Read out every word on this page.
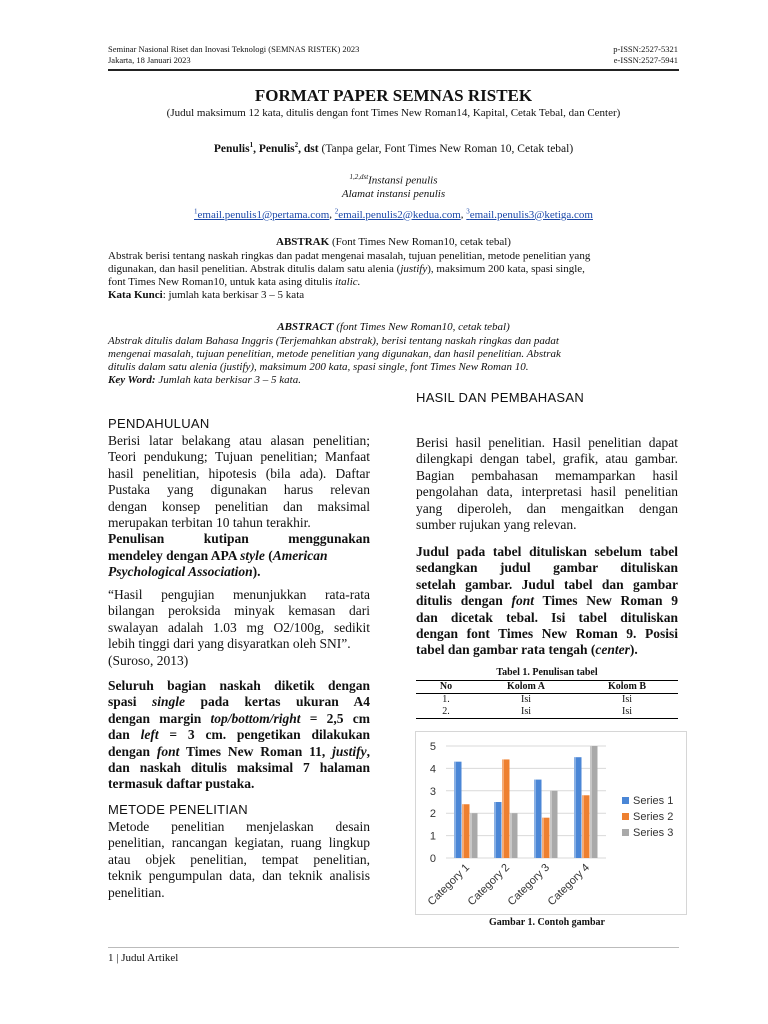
Seminar Nasional Riset dan Inovasi Teknologi (SEMNAS RISTEK) 2023
Jakarta, 18 Januari 2023
p-ISSN:2527-5321
e-ISSN:2527-5941
FORMAT PAPER SEMNAS RISTEK
(Judul maksimum 12 kata, ditulis dengan font Times New Roman14, Kapital, Cetak Tebal, dan Center)
Penulis$^1$, Penulis$^2$, dst (Tanpa gelar, Font Times New Roman 10, Cetak tebal)
$^{1,2,dst}$Instansi penulis
Alamat instansi penulis
$^1$email.penulis1@pertama.com, $^2$email.penulis2@kedua.com, $^3$email.penulis3@ketiga.com
ABSTRAK (Font Times New Roman10, cetak tebal)
Abstrak berisi tentang naskah ringkas dan padat mengenai masalah, tujuan penelitian, metode penelitian yang
digunakan, dan hasil penelitian. Abstrak ditulis dalam satu alenia (justify), maksimum 200 kata, spasi single,
font Times New Roman10, untuk kata asing ditulis italic.
Kata Kunci: jumlah kata berkisar 3 – 5 kata
ABSTRACT (font Times New Roman10, cetak tebal)
Abstrak ditulis dalam Bahasa Inggris (Terjemahkan abstrak), berisi tentang naskah ringkas dan padat
mengenai masalah, tujuan penelitian, metode penelitian yang digunakan, dan hasil penelitian. Abstrak
ditulis dalam satu alenia (justify), maksimum 200 kata, spasi single, font Times New Roman 10.
Key Word: Jumlah kata berkisar 3 – 5 kata.
PENDAHULUAN
Berisi latar belakang atau alasan penelitian;
Teori pendukung; Tujuan penelitian; Manfaat
hasil penelitian, hipotesis (bila ada). Daftar
Pustaka yang digunakan harus relevan
dengan konsep penelitian dan maksimal
merupakan terbitan 10 tahun terakhir.
Penulisan kutipan menggunakan
mendeley dengan APA style (American
Psychological Association).
“Hasil pengujian menunjukkan rata-rata
bilangan peroksida minyak kemasan dari
swalayan adalah 1.03 mg O2/100g, sedikit
lebih tinggi dari yang disyaratkan oleh SNI”.
(Suroso, 2013)
Seluruh bagian naskah diketik dengan
spasi single pada kertas ukuran A4
dengan margin top/bottom/right = 2,5 cm
dan left = 3 cm. pengetikan dilakukan
dengan font Times New Roman 11, justify,
dan naskah ditulis maksimal 7 halaman
termasuk daftar pustaka.
METODE PENELITIAN
Metode penelitian menjelaskan desain
penelitian, rancangan kegiatan, ruang lingkup
atau objek penelitian, tempat penelitian,
teknik pengumpulan data, dan teknik analisis
penelitian.
HASIL DAN PEMBAHASAN
Berisi hasil penelitian. Hasil penelitian dapat
dilengkapi dengan tabel, grafik, atau gambar.
Bagian pembahasan memamparkan hasil
pengolahan data, interpretasi hasil penelitian
yang diperoleh, dan mengaitkan dengan
sumber rujukan yang relevan.
Judul pada tabel dituliskan sebelum tabel
sedangkan judul gambar dituliskan
setelah gambar. Judul tabel dan gambar
ditulis dengan font Times New Roman 9
dan dicetak tebal. Isi tabel dituliskan
dengan font Times New Roman 9. Posisi
tabel dan gambar rata tengah (center).
Tabel 1. Penulisan tabel
No	Kolom A	Kolom B
1.	Isi	Isi
2.	Isi	Isi
0
1
2
3
4
5
Category 1
Category 2
Category 3
Category 4
Series 1
Series 2
Series 3
Gambar 1. Contoh gambar
1 | Judul Artikel
